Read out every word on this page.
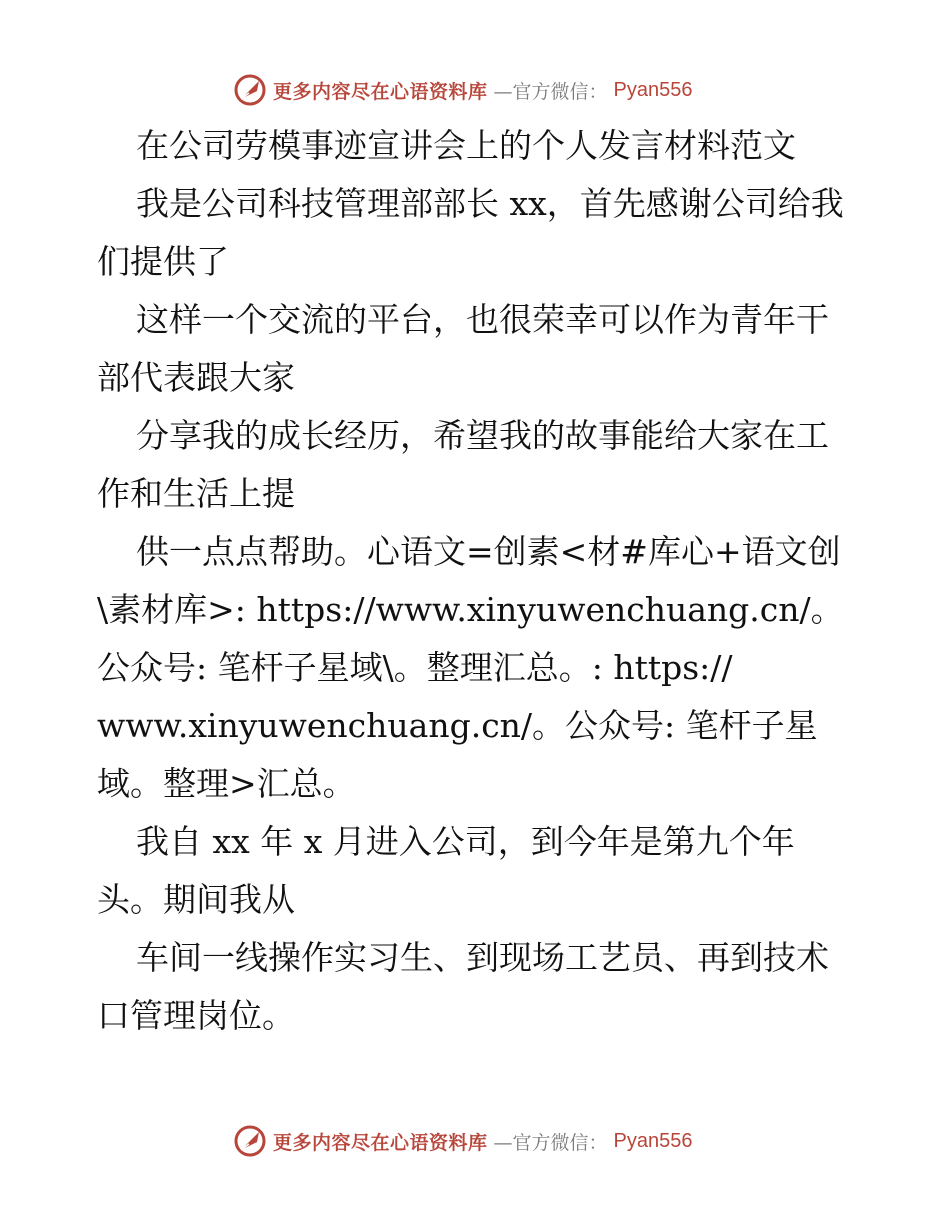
更多内容尽在心语资料库 —官方微信： Pyan556

在公司劳模事迹宣讲会上的个人发言材料范文

我是公司科技管理部部长 xx，首先感谢公司给我们提供了

这样一个交流的平台，也很荣幸可以作为青年干部代表跟大家

分享我的成长经历，希望我的故事能给大家在工作和生活上提

供一点点帮助。心语文=创素<材#库心+语文创\素材库>: https://www.xinyuwenchuang.cn/。公众号: 笔杆子星域\。整理汇总。: https://
www.xinyuwenchuang.cn/。公众号: 笔杆子星域。整理>汇总。

我自 xx 年 x 月进入公司，到今年是第九个年头。期间我从

车间一线操作实习生、到现场工艺员、再到技术口管理岗位。

更多内容尽在心语资料库 —官方微信： Pyan556
